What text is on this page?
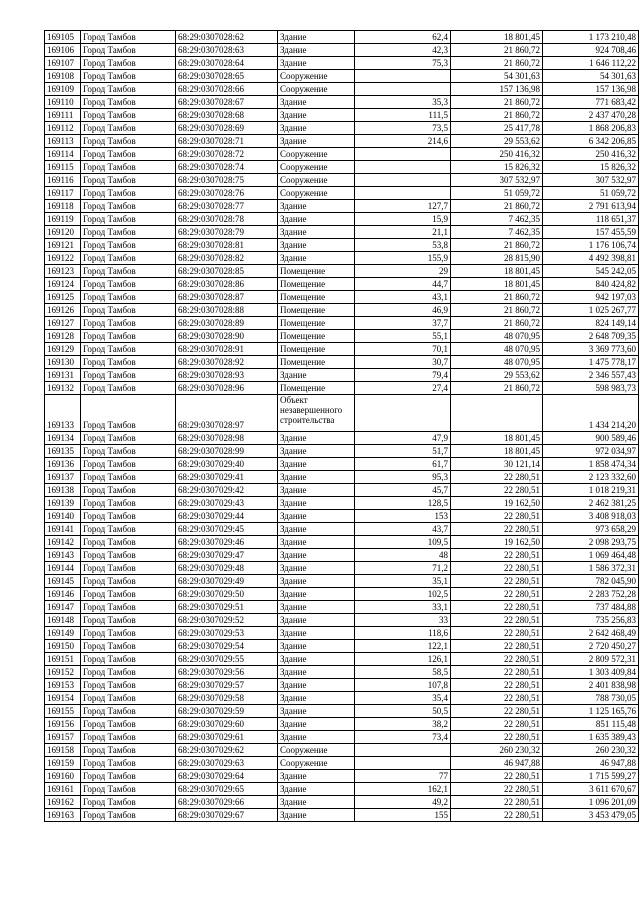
169105	Город Тамбов	68:29:0307028:62	Здание	62,4	18 801,45	1 173 210,48
169106	Город Тамбов	68:29:0307028:63	Здание	42,3	21 860,72	924 708,46
169107	Город Тамбов	68:29:0307028:64	Здание	75,3	21 860,72	1 646 112,22
169108	Город Тамбов	68:29:0307028:65	Сооружение		54 301,63	54 301,63
169109	Город Тамбов	68:29:0307028:66	Сооружение		157 136,98	157 136,98
169110	Город Тамбов	68:29:0307028:67	Здание	35,3	21 860,72	771 683,42
169111	Город Тамбов	68:29:0307028:68	Здание	111,5	21 860,72	2 437 470,28
169112	Город Тамбов	68:29:0307028:69	Здание	73,5	25 417,78	1 868 206,83
169113	Город Тамбов	68:29:0307028:71	Здание	214,6	29 553,62	6 342 206,85
169114	Город Тамбов	68:29:0307028:72	Сооружение		250 416,32	250 416,32
169115	Город Тамбов	68:29:0307028:74	Сооружение		15 826,32	15 826,32
169116	Город Тамбов	68:29:0307028:75	Сооружение		307 532,97	307 532,97
169117	Город Тамбов	68:29:0307028:76	Сооружение		51 059,72	51 059,72
169118	Город Тамбов	68:29:0307028:77	Здание	127,7	21 860,72	2 791 613,94
169119	Город Тамбов	68:29:0307028:78	Здание	15,9	7 462,35	118 651,37
169120	Город Тамбов	68:29:0307028:79	Здание	21,1	7 462,35	157 455,59
169121	Город Тамбов	68:29:0307028:81	Здание	53,8	21 860,72	1 176 106,74
169122	Город Тамбов	68:29:0307028:82	Здание	155,9	28 815,90	4 492 398,81
169123	Город Тамбов	68:29:0307028:85	Помещение	29	18 801,45	545 242,05
169124	Город Тамбов	68:29:0307028:86	Помещение	44,7	18 801,45	840 424,82
169125	Город Тамбов	68:29:0307028:87	Помещение	43,1	21 860,72	942 197,03
169126	Город Тамбов	68:29:0307028:88	Помещение	46,9	21 860,72	1 025 267,77
169127	Город Тамбов	68:29:0307028:89	Помещение	37,7	21 860,72	824 149,14
169128	Город Тамбов	68:29:0307028:90	Помещение	55,1	48 070,95	2 648 709,35
169129	Город Тамбов	68:29:0307028:91	Помещение	70,1	48 070,95	3 369 773,60
169130	Город Тамбов	68:29:0307028:92	Помещение	30,7	48 070,95	1 475 778,17
169131	Город Тамбов	68:29:0307028:93	Здание	79,4	29 553,62	2 346 557,43
169132	Город Тамбов	68:29:0307028:96	Помещение	27,4	21 860,72	598 983,73
169133	Город Тамбов	68:29:0307028:97	Объект незавершенного строительства			1 434 214,20
169134	Город Тамбов	68:29:0307028:98	Здание	47,9	18 801,45	900 589,46
169135	Город Тамбов	68:29:0307028:99	Здание	51,7	18 801,45	972 034,97
169136	Город Тамбов	68:29:0307029:40	Здание	61,7	30 121,14	1 858 474,34
169137	Город Тамбов	68:29:0307029:41	Здание	95,3	22 280,51	2 123 332,60
169138	Город Тамбов	68:29:0307029:42	Здание	45,7	22 280,51	1 018 219,31
169139	Город Тамбов	68:29:0307029:43	Здание	128,5	19 162,50	2 462 381,25
169140	Город Тамбов	68:29:0307029:44	Здание	153	22 280,51	3 408 918,03
169141	Город Тамбов	68:29:0307029:45	Здание	43,7	22 280,51	973 658,29
169142	Город Тамбов	68:29:0307029:46	Здание	109,5	19 162,50	2 098 293,75
169143	Город Тамбов	68:29:0307029:47	Здание	48	22 280,51	1 069 464,48
169144	Город Тамбов	68:29:0307029:48	Здание	71,2	22 280,51	1 586 372,31
169145	Город Тамбов	68:29:0307029:49	Здание	35,1	22 280,51	782 045,90
169146	Город Тамбов	68:29:0307029:50	Здание	102,5	22 280,51	2 283 752,28
169147	Город Тамбов	68:29:0307029:51	Здание	33,1	22 280,51	737 484,88
169148	Город Тамбов	68:29:0307029:52	Здание	33	22 280,51	735 256,83
169149	Город Тамбов	68:29:0307029:53	Здание	118,6	22 280,51	2 642 468,49
169150	Город Тамбов	68:29:0307029:54	Здание	122,1	22 280,51	2 720 450,27
169151	Город Тамбов	68:29:0307029:55	Здание	126,1	22 280,51	2 809 572,31
169152	Город Тамбов	68:29:0307029:56	Здание	58,5	22 280,51	1 303 409,84
169153	Город Тамбов	68:29:0307029:57	Здание	107,8	22 280,51	2 401 838,98
169154	Город Тамбов	68:29:0307029:58	Здание	35,4	22 280,51	788 730,05
169155	Город Тамбов	68:29:0307029:59	Здание	50,5	22 280,51	1 125 165,76
169156	Город Тамбов	68:29:0307029:60	Здание	38,2	22 280,51	851 115,48
169157	Город Тамбов	68:29:0307029:61	Здание	73,4	22 280,51	1 635 389,43
169158	Город Тамбов	68:29:0307029:62	Сооружение		260 230,32	260 230,32
169159	Город Тамбов	68:29:0307029:63	Сооружение		46 947,88	46 947,88
169160	Город Тамбов	68:29:0307029:64	Здание	77	22 280,51	1 715 599,27
169161	Город Тамбов	68:29:0307029:65	Здание	162,1	22 280,51	3 611 670,67
169162	Город Тамбов	68:29:0307029:66	Здание	49,2	22 280,51	1 096 201,09
169163	Город Тамбов	68:29:0307029:67	Здание	155	22 280,51	3 453 479,05
